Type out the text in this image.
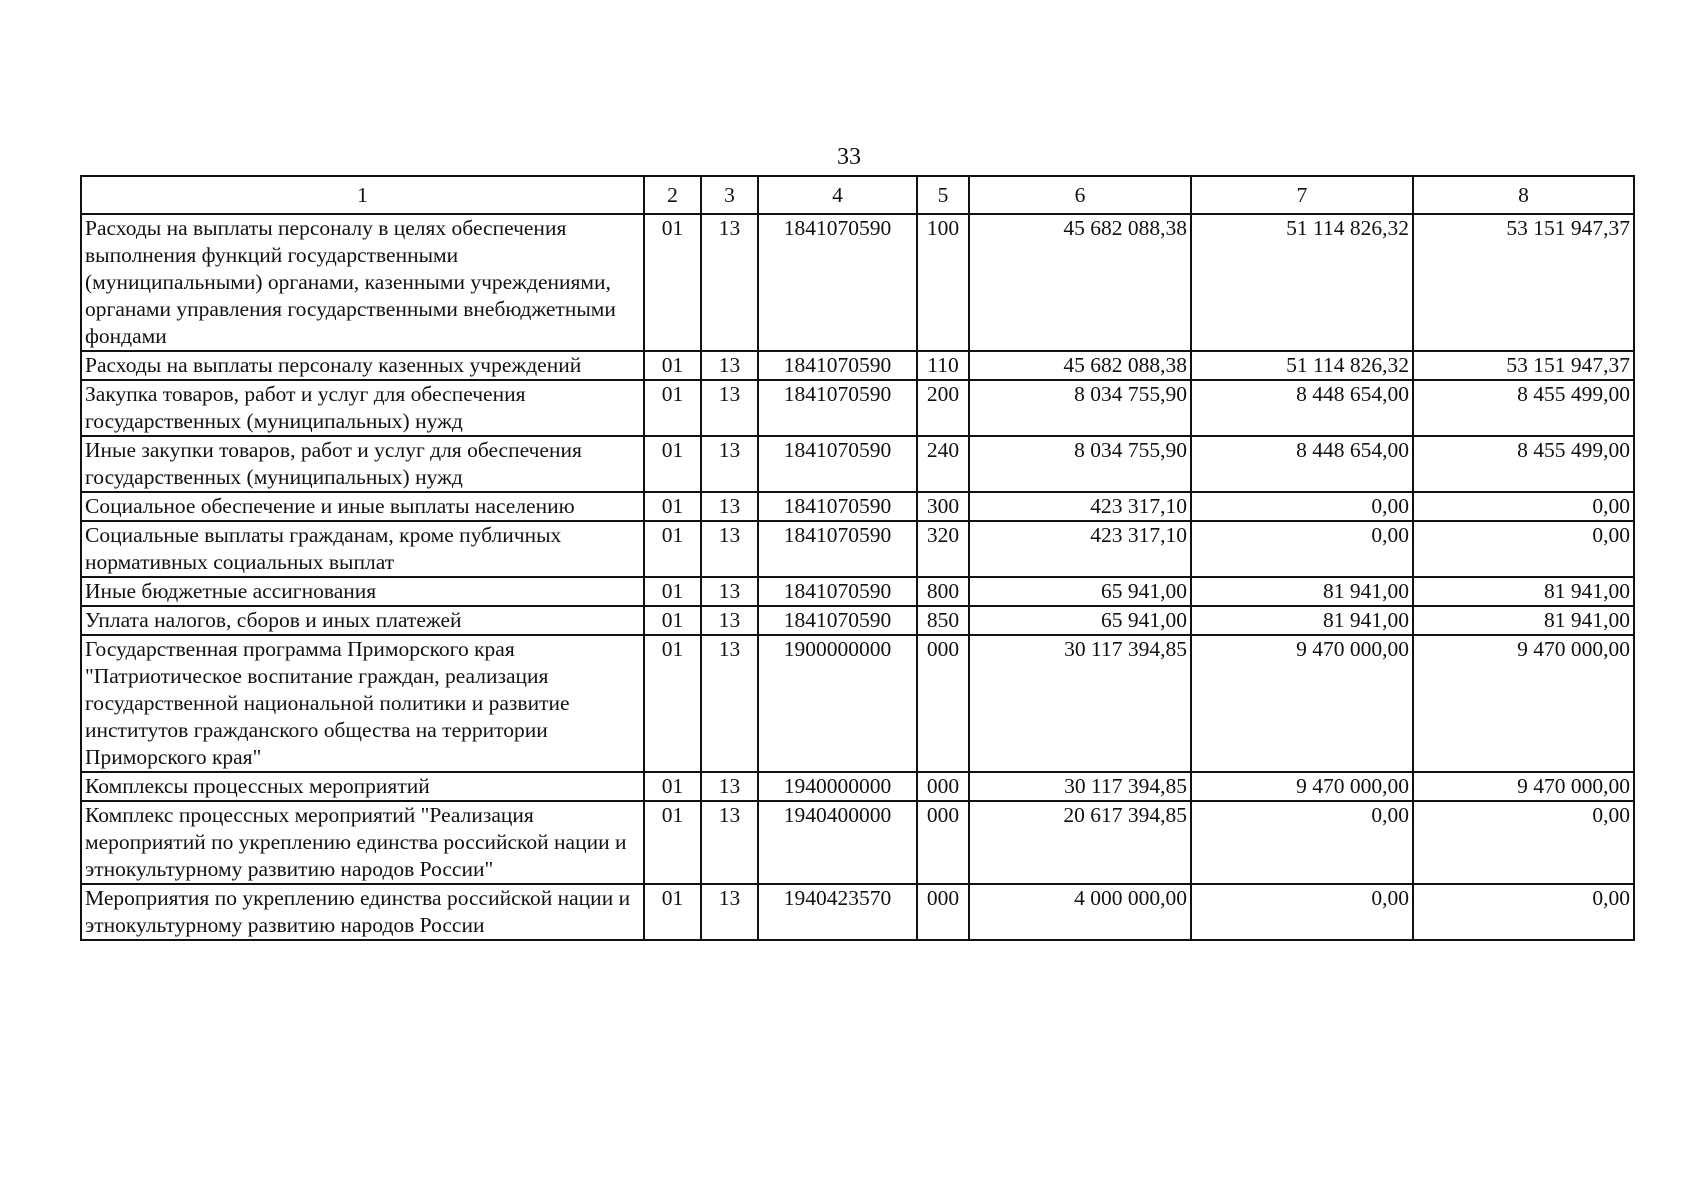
33
1	2	3	4	5	6	7	8
Расходы на выплаты персоналу в целях обеспечения выполнения функций государственными (муниципальными) органами, казенными учреждениями, органами управления государственными внебюджетными фондами	01	13	1841070590	100	45 682 088,38	51 114 826,32	53 151 947,37
Расходы на выплаты персоналу казенных учреждений	01	13	1841070590	110	45 682 088,38	51 114 826,32	53 151 947,37
Закупка товаров, работ и услуг для обеспечения государственных (муниципальных) нужд	01	13	1841070590	200	8 034 755,90	8 448 654,00	8 455 499,00
Иные закупки товаров, работ и услуг для обеспечения государственных (муниципальных) нужд	01	13	1841070590	240	8 034 755,90	8 448 654,00	8 455 499,00
Социальное обеспечение и иные выплаты населению	01	13	1841070590	300	423 317,10	0,00	0,00
Социальные выплаты гражданам, кроме публичных нормативных социальных выплат	01	13	1841070590	320	423 317,10	0,00	0,00
Иные бюджетные ассигнования	01	13	1841070590	800	65 941,00	81 941,00	81 941,00
Уплата налогов, сборов и иных платежей	01	13	1841070590	850	65 941,00	81 941,00	81 941,00
Государственная программа Приморского края "Патриотическое воспитание граждан, реализация государственной национальной политики и развитие институтов гражданского общества на территории Приморского края"	01	13	1900000000	000	30 117 394,85	9 470 000,00	9 470 000,00
Комплексы процессных мероприятий	01	13	1940000000	000	30 117 394,85	9 470 000,00	9 470 000,00
Комплекс процессных мероприятий "Реализация мероприятий по укреплению единства российской нации и этнокультурному развитию народов России"	01	13	1940400000	000	20 617 394,85	0,00	0,00
Мероприятия по укреплению единства российской нации и этнокультурному развитию народов России	01	13	1940423570	000	4 000 000,00	0,00	0,00
